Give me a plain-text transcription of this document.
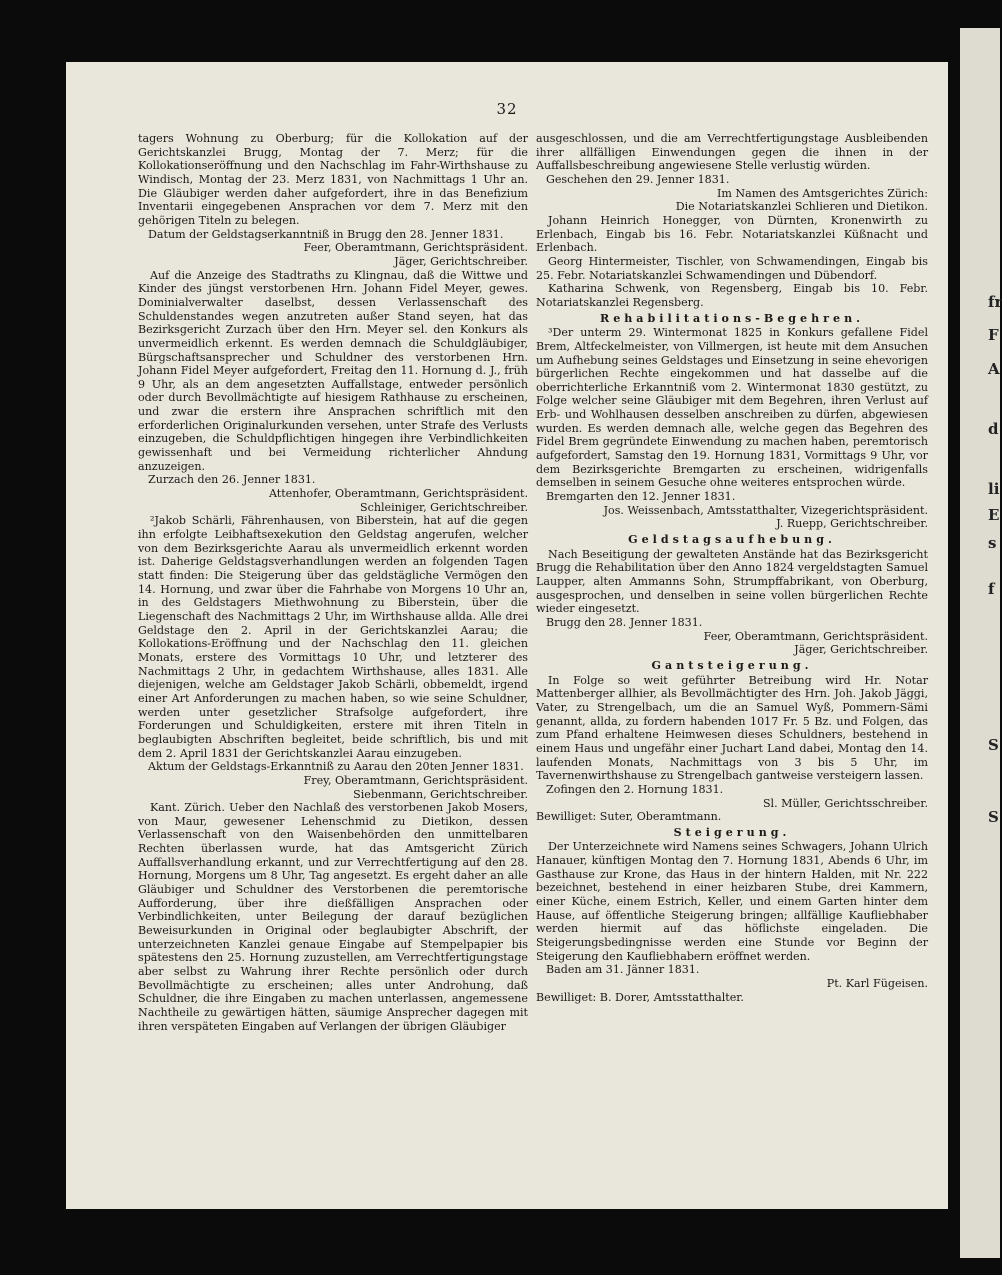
32

tagers Wohnung zu Oberburg; für die Kollokation auf der Gerichtskanzlei Brugg, Montag der 7. Merz; für die Kollokationseröffnung und den Nachschlag im Fahr-Wirthshause zu Windisch, Montag der 23. Merz 1831, von Nachmittags 1 Uhr an. Die Gläubiger werden daher aufgefordert, ihre in das Benefizium Inventarii eingegebenen Ansprachen vor dem 7. Merz mit den gehörigen Titeln zu belegen.

Datum der Geldstagserkanntniß in Brugg den 28. Jenner 1831.

Feer, Oberamtmann, Gerichtspräsident.

Jäger, Gerichtschreiber.

Auf die Anzeige des Stadtraths zu Klingnau, daß die Wittwe und Kinder des jüngst verstorbenen Hrn. Johann Fidel Meyer, gewes. Dominialverwalter daselbst, dessen Verlassenschaft des Schuldenstandes wegen anzutreten außer Stand seyen, hat das Bezirksgericht Zurzach über den Hrn. Meyer sel. den Konkurs als unvermeidlich erkennt. Es werden demnach die Schuldgläubiger, Bürgschaftsansprecher und Schuldner des verstorbenen Hrn. Johann Fidel Meyer aufgefordert, Freitag den 11. Hornung d. J., früh 9 Uhr, als an dem angesetzten Auffallstage, entweder persönlich oder durch Bevollmächtigte auf hiesigem Rathhause zu erscheinen, und zwar die erstern ihre Ansprachen schriftlich mit den erforderlichen Originalurkunden versehen, unter Strafe des Verlusts einzugeben, die Schuldpflichtigen hingegen ihre Verbindlichkeiten gewissenhaft und bei Vermeidung richterlicher Ahndung anzuzeigen.

Zurzach den 26. Jenner 1831.

Attenhofer, Oberamtmann, Gerichtspräsident.

Schleiniger, Gerichtschreiber.

²Jakob Schärli, Fährenhausen, von Biberstein, hat auf die gegen ihn erfolgte Leibhaftsexekution den Geldstag angerufen, welcher von dem Bezirksgerichte Aarau als unvermeidlich erkennt worden ist. Daherige Geldstagsverhandlungen werden an folgenden Tagen statt finden: Die Steigerung über das geldstägliche Vermögen den 14. Hornung, und zwar über die Fahrhabe von Morgens 10 Uhr an, in des Geldstagers Miethwohnung zu Biberstein, über die Liegenschaft des Nachmittags 2 Uhr, im Wirthshause allda. Alle drei Geldstage den 2. April in der Gerichtskanzlei Aarau; die Kollokations-Eröffnung und der Nachschlag den 11. gleichen Monats, erstere des Vormittags 10 Uhr, und letzterer des Nachmittags 2 Uhr, in gedachtem Wirthshause, alles 1831. Alle diejenigen, welche am Geldstager Jakob Schärli, obbemeldt, irgend einer Art Anforderungen zu machen haben, so wie seine Schuldner, werden unter gesetzlicher Strafsolge aufgefordert, ihre Forderungen und Schuldigkeiten, erstere mit ihren Titeln in beglaubigten Abschriften begleitet, beide schriftlich, bis und mit dem 2. April 1831 der Gerichtskanzlei Aarau einzugeben.

Aktum der Geldstags-Erkanntniß zu Aarau den 20ten Jenner 1831.

Frey, Oberamtmann, Gerichtspräsident.

Siebenmann, Gerichtschreiber.

Kant. Zürich. Ueber den Nachlaß des verstorbenen Jakob Mosers, von Maur, gewesener Lehenschmid zu Dietikon, dessen Verlassenschaft von den Waisenbehörden den unmittelbaren Rechten überlassen wurde, hat das Amtsgericht Zürich Auffallsverhandlung erkannt, und zur Verrechtfertigung auf den 28. Hornung, Morgens um 8 Uhr, Tag angesetzt. Es ergeht daher an alle Gläubiger und Schuldner des Verstorbenen die peremtorische Aufforderung, über ihre dießfälligen Ansprachen oder Verbindlichkeiten, unter Beilegung der darauf bezüglichen Beweisurkunden in Original oder beglaubigter Abschrift, der unterzeichneten Kanzlei genaue Eingabe auf Stempelpapier bis spätestens den 25. Hornung zuzustellen, am Verrechtfertigungstage aber selbst zu Wahrung ihrer Rechte persönlich oder durch Bevollmächtigte zu erscheinen; alles unter Androhung, daß Schuldner, die ihre Eingaben zu machen unterlassen, angemessene Nachtheile zu gewärtigen hätten, säumige Ansprecher dagegen mit ihren verspäteten Eingaben auf Verlangen der übrigen Gläubiger

ausgeschlossen, und die am Verrechtfertigungstage Ausbleibenden ihrer allfälligen Einwendungen gegen die ihnen in der Auffallsbeschreibung angewiesene Stelle verlustig würden.

Geschehen den 29. Jenner 1831.

Im Namen des Amtsgerichtes Zürich:

Die Notariatskanzlei Schlieren und Dietikon.

Johann Heinrich Honegger, von Dürnten, Kronenwirth zu Erlenbach, Eingab bis 16. Febr. Notariatskanzlei Küßnacht und Erlenbach.

Georg Hintermeister, Tischler, von Schwamendingen, Eingab bis 25. Febr. Notariatskanzlei Schwamendingen und Dübendorf.

Katharina Schwenk, von Regensberg, Eingab bis 10. Febr. Notariatskanzlei Regensberg.

Rehabilitations-Begehren.

³Der unterm 29. Wintermonat 1825 in Konkurs gefallene Fidel Brem, Altfeckelmeister, von Villmergen, ist heute mit dem Ansuchen um Aufhebung seines Geldstages und Einsetzung in seine ehevorigen bürgerlichen Rechte eingekommen und hat dasselbe auf die oberrichterliche Erkanntniß vom 2. Wintermonat 1830 gestützt, zu Folge welcher seine Gläubiger mit dem Begehren, ihren Verlust auf Erb- und Wohlhausen desselben anschreiben zu dürfen, abgewiesen wurden. Es werden demnach alle, welche gegen das Begehren des Fidel Brem gegründete Einwendung zu machen haben, peremtorisch aufgefordert, Samstag den 19. Hornung 1831, Vormittags 9 Uhr, vor dem Bezirksgerichte Bremgarten zu erscheinen, widrigenfalls demselben in seinem Gesuche ohne weiteres entsprochen würde.

Bremgarten den 12. Jenner 1831.

Jos. Weissenbach, Amtsstatthalter, Vizegerichtspräsident.

J. Ruepp, Gerichtschreiber.

Geldstagsaufhebung.

Nach Beseitigung der gewalteten Anstände hat das Bezirksgericht Brugg die Rehabilitation über den Anno 1824 vergeldstagten Samuel Laupper, alten Ammanns Sohn, Strumpffabrikant, von Oberburg, ausgesprochen, und denselben in seine vollen bürgerlichen Rechte wieder eingesetzt.

Brugg den 28. Jenner 1831.

Feer, Oberamtmann, Gerichtspräsident.

Jäger, Gerichtschreiber.

Gantsteigerung.

In Folge so weit geführter Betreibung wird Hr. Notar Mattenberger allhier, als Bevollmächtigter des Hrn. Joh. Jakob Jäggi, Vater, zu Strengelbach, um die an Samuel Wyß, Pommern-Sämi genannt, allda, zu fordern habenden 1017 Fr. 5 Bz. und Folgen, das zum Pfand erhaltene Heimwesen dieses Schuldners, bestehend in einem Haus und ungefähr einer Juchart Land dabei, Montag den 14. laufenden Monats, Nachmittags von 3 bis 5 Uhr, im Tavernenwirthshause zu Strengelbach gantweise versteigern lassen.

Zofingen den 2. Hornung 1831.

Sl. Müller, Gerichtsschreiber.

Bewilliget: Suter, Oberamtmann.

Steigerung.

Der Unterzeichnete wird Namens seines Schwagers, Johann Ulrich Hanauer, künftigen Montag den 7. Hornung 1831, Abends 6 Uhr, im Gasthause zur Krone, das Haus in der hintern Halden, mit Nr. 222 bezeichnet, bestehend in einer heizbaren Stube, drei Kammern, einer Küche, einem Estrich, Keller, und einem Garten hinter dem Hause, auf öffentliche Steigerung bringen; allfällige Kaufliebhaber werden hiermit auf das höflichste eingeladen. Die Steigerungsbedingnisse werden eine Stunde vor Beginn der Steigerung den Kaufliebhabern eröffnet werden.

Baden am 31. Jänner 1831.

Pt. Karl Fügeisen.

Bewilliget: B. Dorer, Amtsstatthalter.

fr
F
A
d
li
E
s
f
S
S
